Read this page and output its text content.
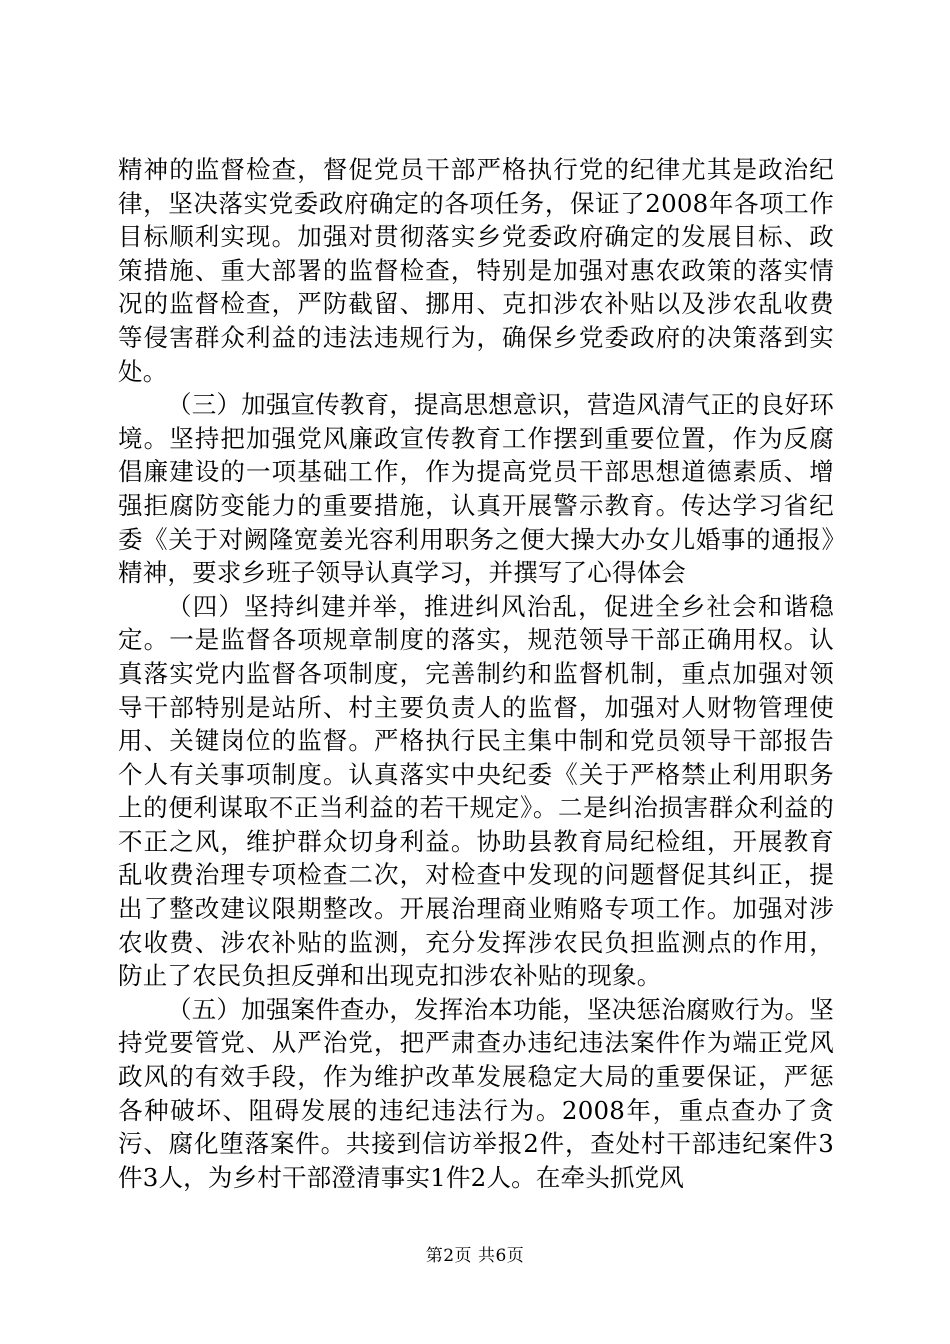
精神的监督检查，督促党员干部严格执行党的纪律尤其是政治纪律，坚决落实党委政府确定的各项任务，保证了2008年各项工作目标顺利实现。加强对贯彻落实乡党委政府确定的发展目标、政策措施、重大部署的监督检查，特别是加强对惠农政策的落实情况的监督检查，严防截留、挪用、克扣涉农补贴以及涉农乱收费等侵害群众利益的违法违规行为，确保乡党委政府的决策落到实处。

（三）加强宣传教育，提高思想意识，营造风清气正的良好环境。坚持把加强党风廉政宣传教育工作摆到重要位置，作为反腐倡廉建设的一项基础工作，作为提高党员干部思想道德素质、增强拒腐防变能力的重要措施，认真开展警示教育。传达学习省纪委《关于对阙隆宽姜光容利用职务之便大操大办女儿婚事的通报》精神，要求乡班子领导认真学习，并撰写了心得体会

（四）坚持纠建并举，推进纠风治乱，促进全乡社会和谐稳定。一是监督各项规章制度的落实，规范领导干部正确用权。认真落实党内监督各项制度，完善制约和监督机制，重点加强对领导干部特别是站所、村主要负责人的监督，加强对人财物管理使用、关键岗位的监督。严格执行民主集中制和党员领导干部报告个人有关事项制度。认真落实中央纪委《关于严格禁止利用职务上的便利谋取不正当利益的若干规定》。二是纠治损害群众利益的不正之风，维护群众切身利益。协助县教育局纪检组，开展教育乱收费治理专项检查二次，对检查中发现的问题督促其纠正，提出了整改建议限期整改。开展治理商业贿赂专项工作。加强对涉农收费、涉农补贴的监测，充分发挥涉农民负担监测点的作用，防止了农民负担反弹和出现克扣涉农补贴的现象。

（五）加强案件查办，发挥治本功能，坚决惩治腐败行为。坚持党要管党、从严治党，把严肃查办违纪违法案件作为端正党风政风的有效手段，作为维护改革发展稳定大局的重要保证，严惩各种破坏、阻碍发展的违纪违法行为。2008年，重点查办了贪污、腐化堕落案件。共接到信访举报2件，查处村干部违纪案件3件3人，为乡村干部澄清事实1件2人。在牵头抓党风

第2页 共6页
